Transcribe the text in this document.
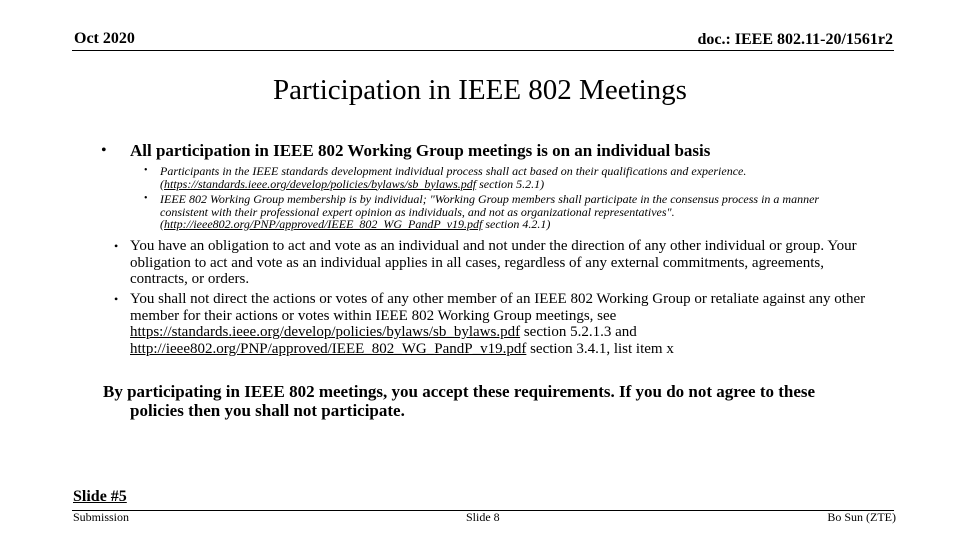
Oct 2020	doc.: IEEE 802.11-20/1561r2
Participation in IEEE 802 Meetings
• All participation in IEEE 802 Working Group meetings is on an individual basis
• Participants in the IEEE standards development individual process shall act based on their qualifications and experience.
(https://standards.ieee.org/develop/policies/bylaws/sb_bylaws.pdf section 5.2.1)
• IEEE 802 Working Group membership is by individual; "Working Group members shall participate in the consensus process in a manner consistent with their professional expert opinion as individuals, and not as organizational representatives".
(http://ieee802.org/PNP/approved/IEEE_802_WG_PandP_v19.pdf section 4.2.1)
• You have an obligation to act and vote as an individual and not under the direction of any other individual or group. Your obligation to act and vote as an individual applies in all cases, regardless of any external commitments, agreements, contracts, or orders.
• You shall not direct the actions or votes of any other member of an IEEE 802 Working Group or retaliate against any other member for their actions or votes within IEEE 802 Working Group meetings, see https://standards.ieee.org/develop/policies/bylaws/sb_bylaws.pdf section 5.2.1.3 and http://ieee802.org/PNP/approved/IEEE_802_WG_PandP_v19.pdf section 3.4.1, list item x
By participating in IEEE 802 meetings, you accept these requirements. If you do not agree to these policies then you shall not participate.
Slide #5
Submission	Slide 8	Bo Sun (ZTE)
